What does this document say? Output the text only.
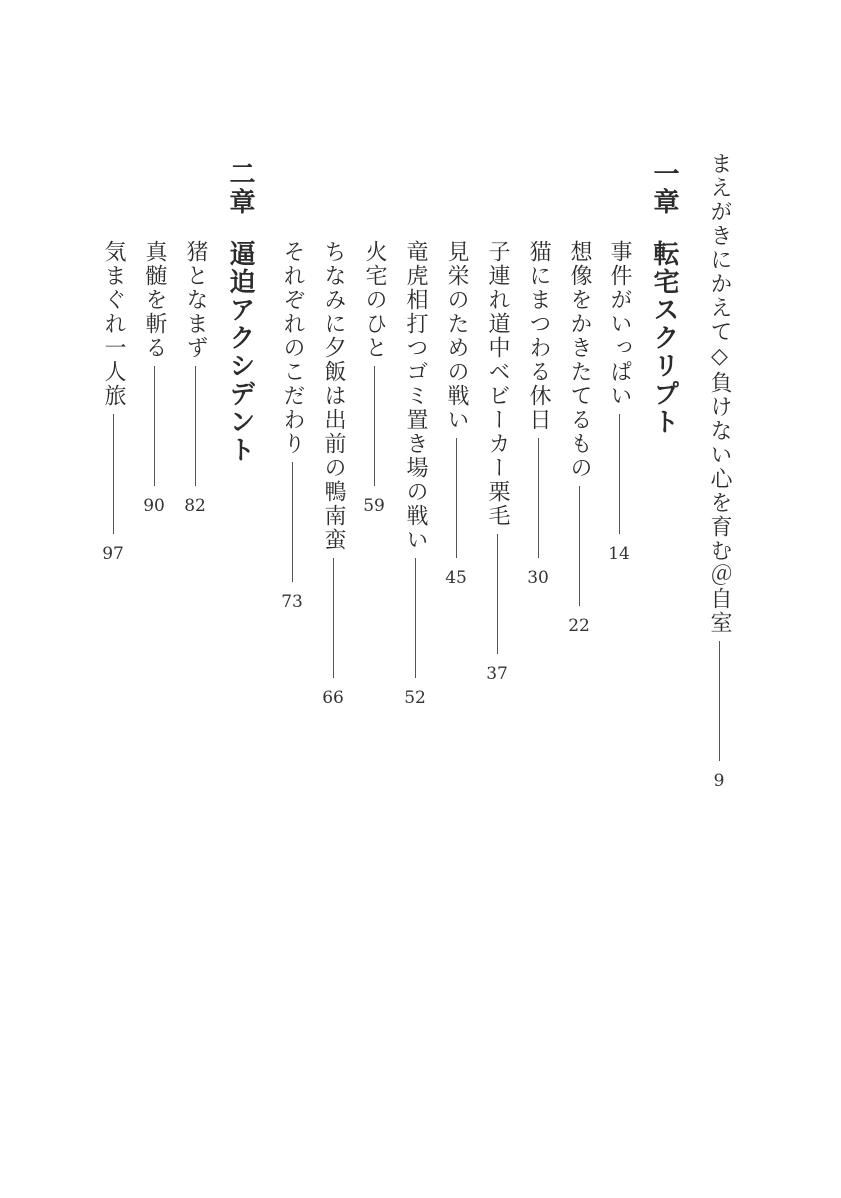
まえがきにかえて◇負けない心を育む＠自室
9
一章
転宅スクリプト
事件がいっぱい
14
想像をかきたてるもの
22
猫にまつわる休日
30
子連れ道中ベビーカー栗毛
37
見栄のための戦い
45
竜虎相打つゴミ置き場の戦い
52
火宅のひと
59
ちなみに夕飯は出前の鴨南蛮
66
それぞれのこだわり
73
二章
逼迫アクシデント
猪となまず
82
真髄を斬る
90
気まぐれ一人旅
97
